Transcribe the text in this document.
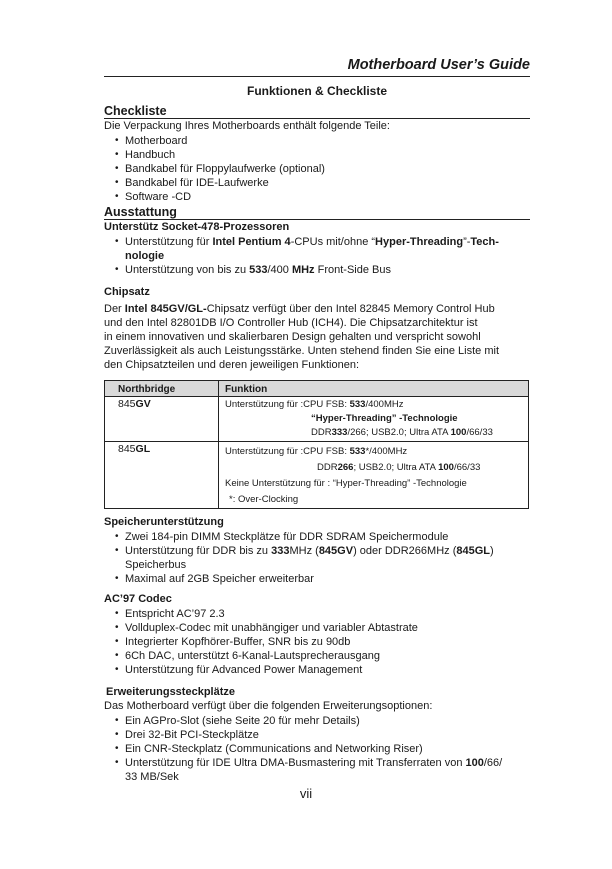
Motherboard User’s Guide
Funktionen & Checkliste
Checkliste
Die Verpackung Ihres Motherboards enthält folgende Teile:
• Motherboard
• Handbuch
• Bandkabel für Floppylaufwerke (optional)
• Bandkabel für IDE-Laufwerke
• Software -CD
Ausstattung
Unterstütz Socket-478-Prozessoren
• Unterstützung für Intel Pentium 4-CPUs mit/ohne “Hyper-Threading”-Tech-
nologie
• Unterstützung von bis zu 533/400 MHz Front-Side Bus
Chipsatz
Der Intel 845GV/GL-Chipsatz verfügt über den Intel 82845 Memory Control Hub
und den Intel 82801DB I/O Controller Hub (ICH4). Die Chipsatzarchitektur ist
in einem innovativen und skalierbaren Design gehalten und verspricht sowohl
Zuverlässigkeit als auch Leistungsstärke. Unten stehend finden Sie eine Liste mit
den Chipsatzteilen und deren jeweiligen Funktionen:
Northbridge	Funktion
845GV	Unterstützung für :CPU FSB: 533/400MHz
“Hyper-Threading” -Technologie
DDR333/266; USB2.0; Ultra ATA 100/66/33

845GL	Unterstützung für :CPU FSB: 533*/400MHz
DDR266; USB2.0; Ultra ATA 100/66/33
Keine Unterstützung für : “Hyper-Threading” -Technologie
*: Over-Clocking
Speicherunterstützung
• Zwei 184-pin DIMM Steckplätze für DDR SDRAM Speichermodule
• Unterstützung für DDR bis zu 333MHz (845GV) oder DDR266MHz (845GL)
Speicherbus
• Maximal auf 2GB Speicher erweiterbar
AC’97 Codec
• Entspricht AC’97 2.3
• Vollduplex-Codec mit unabhängiger und variabler Abtastrate
• Integrierter Kopfhörer-Buffer, SNR bis zu 90db
• 6Ch DAC, unterstützt 6-Kanal-Lautsprecherausgang
• Unterstützung für Advanced Power Management
Erweiterungssteckplätze
Das Motherboard verfügt über die folgenden Erweiterungsoptionen:
• Ein AGPro-Slot (siehe Seite 20 für mehr Details)
• Drei 32-Bit PCI-Steckplätze
• Ein CNR-Steckplatz (Communications and Networking Riser)
• Unterstützung für IDE Ultra DMA-Busmastering mit Transferraten von 100/66/
33 MB/Sek
vii
